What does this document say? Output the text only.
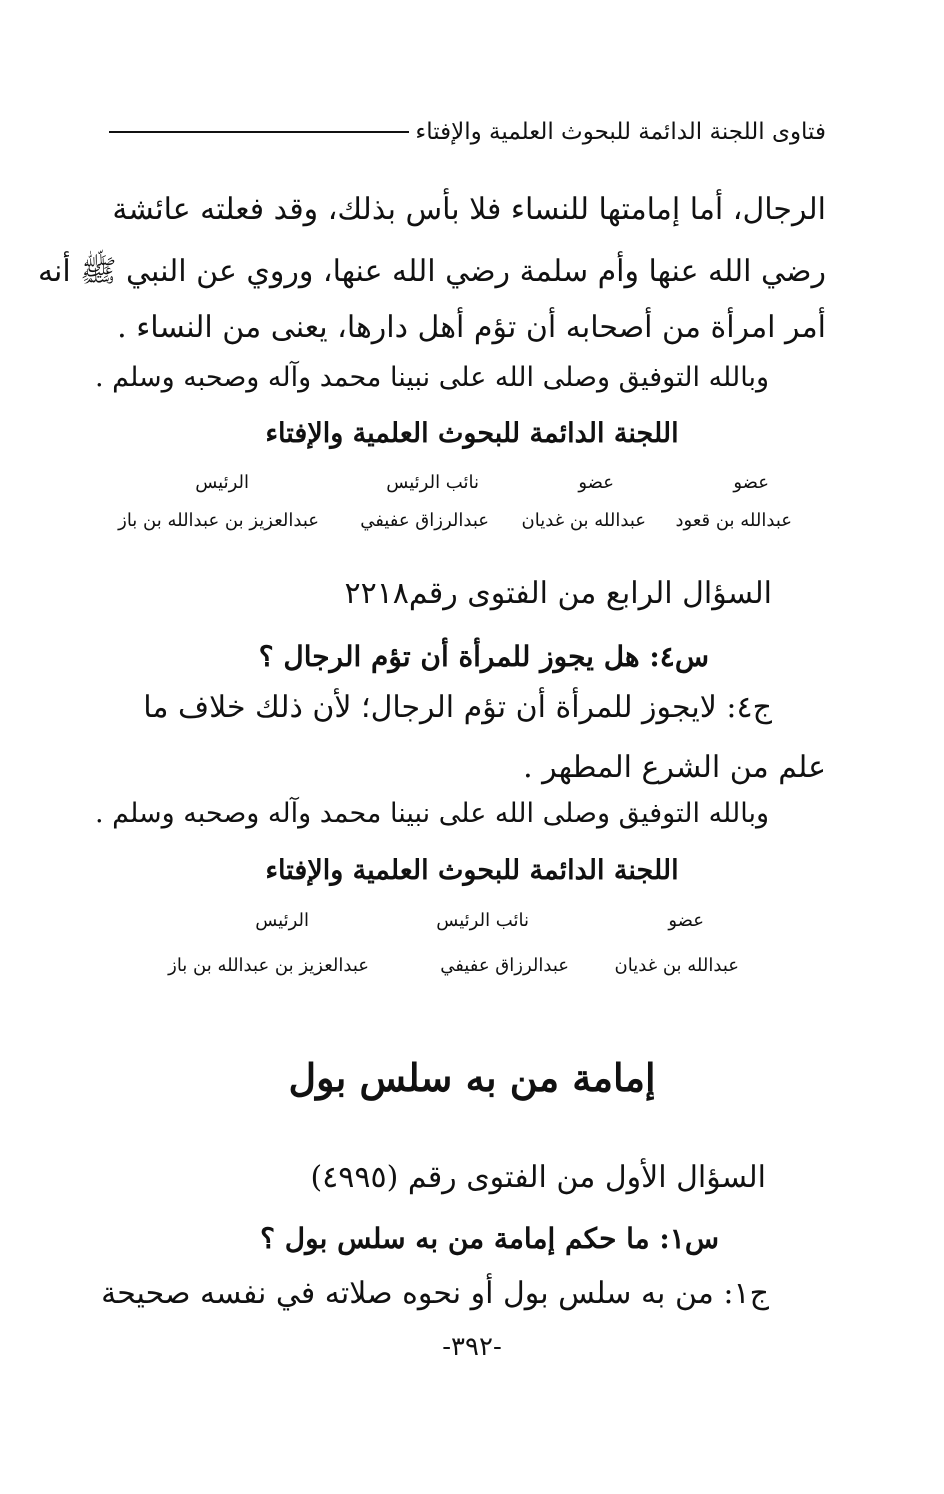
فتاوى اللجنة الدائمة للبحوث العلمية والإفتاء
الرجال، أما إمامتها للنساء فلا بأس بذلك، وقد فعلته عائشة
رضي الله عنها وأم سلمة رضي الله عنها، وروي عن النبي ﷺ أنه
أمر امرأة من أصحابه أن تؤم أهل دارها، يعنى من النساء .
وبالله التوفيق وصلى الله على نبينا محمد وآله وصحبه وسلم .
اللجنة الدائمة للبحوث العلمية والإفتاء
عضو
عضو
نائب الرئيس
الرئيس
عبدالله بن قعود
عبدالله بن غديان
عبدالرزاق عفيفي
عبدالعزيز بن عبدالله بن باز
السؤال الرابع من الفتوى رقم٢٢١٨
س٤: هل يجوز للمرأة أن تؤم الرجال ؟
ج٤: لايجوز للمرأة أن تؤم الرجال؛ لأن ذلك خلاف ما
علم من الشرع المطهر .
وبالله التوفيق وصلى الله على نبينا محمد وآله وصحبه وسلم .
اللجنة الدائمة للبحوث العلمية والإفتاء
عضو
نائب الرئيس
الرئيس
عبدالله بن غديان
عبدالرزاق عفيفي
عبدالعزيز بن عبدالله بن باز
إمامة من به سلس بول
السؤال الأول من الفتوى رقم (٤٩٩٥)
س١: ما حكم إمامة من به سلس بول ؟
ج١: من به سلس بول أو نحوه صلاته في نفسه صحيحة
-٣٩٢-
